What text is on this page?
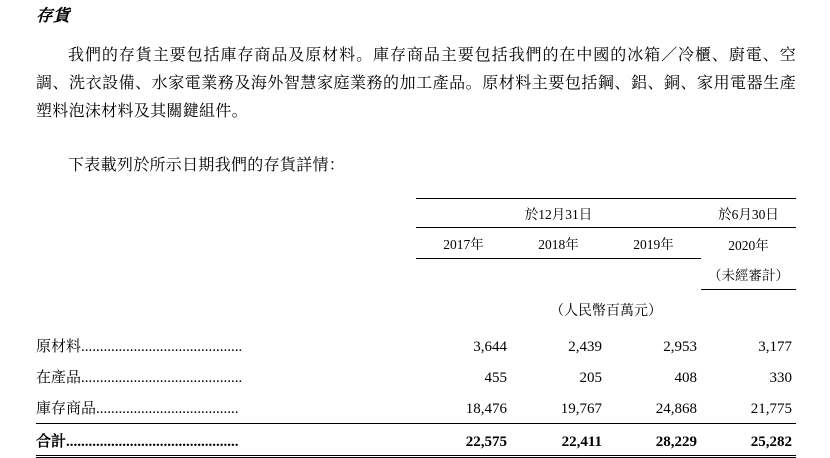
存貨
我們的存貨主要包括庫存商品及原材料。庫存商品主要包括我們的在中國的冰箱／冷櫃、廚電、空調、洗衣設備、水家電業務及海外智慧家庭業務的加工產品。原材料主要包括鋼、鋁、銅、家用電器生產塑料泡沫材料及其關鍵組件。
下表載列於所示日期我們的存貨詳情：
	於12月31日			於6月30日
	2017年	2018年	2019年		2020年
					（未經審計）
	（人民幣百萬元）			
原材料...........................................	3,644	2,439	2,953		3,177
在產品...........................................	455	205	408		330
庫存商品......................................	18,476	19,767	24,868		21,775
合計..............................................	22,575	22,411	28,229		25,282
